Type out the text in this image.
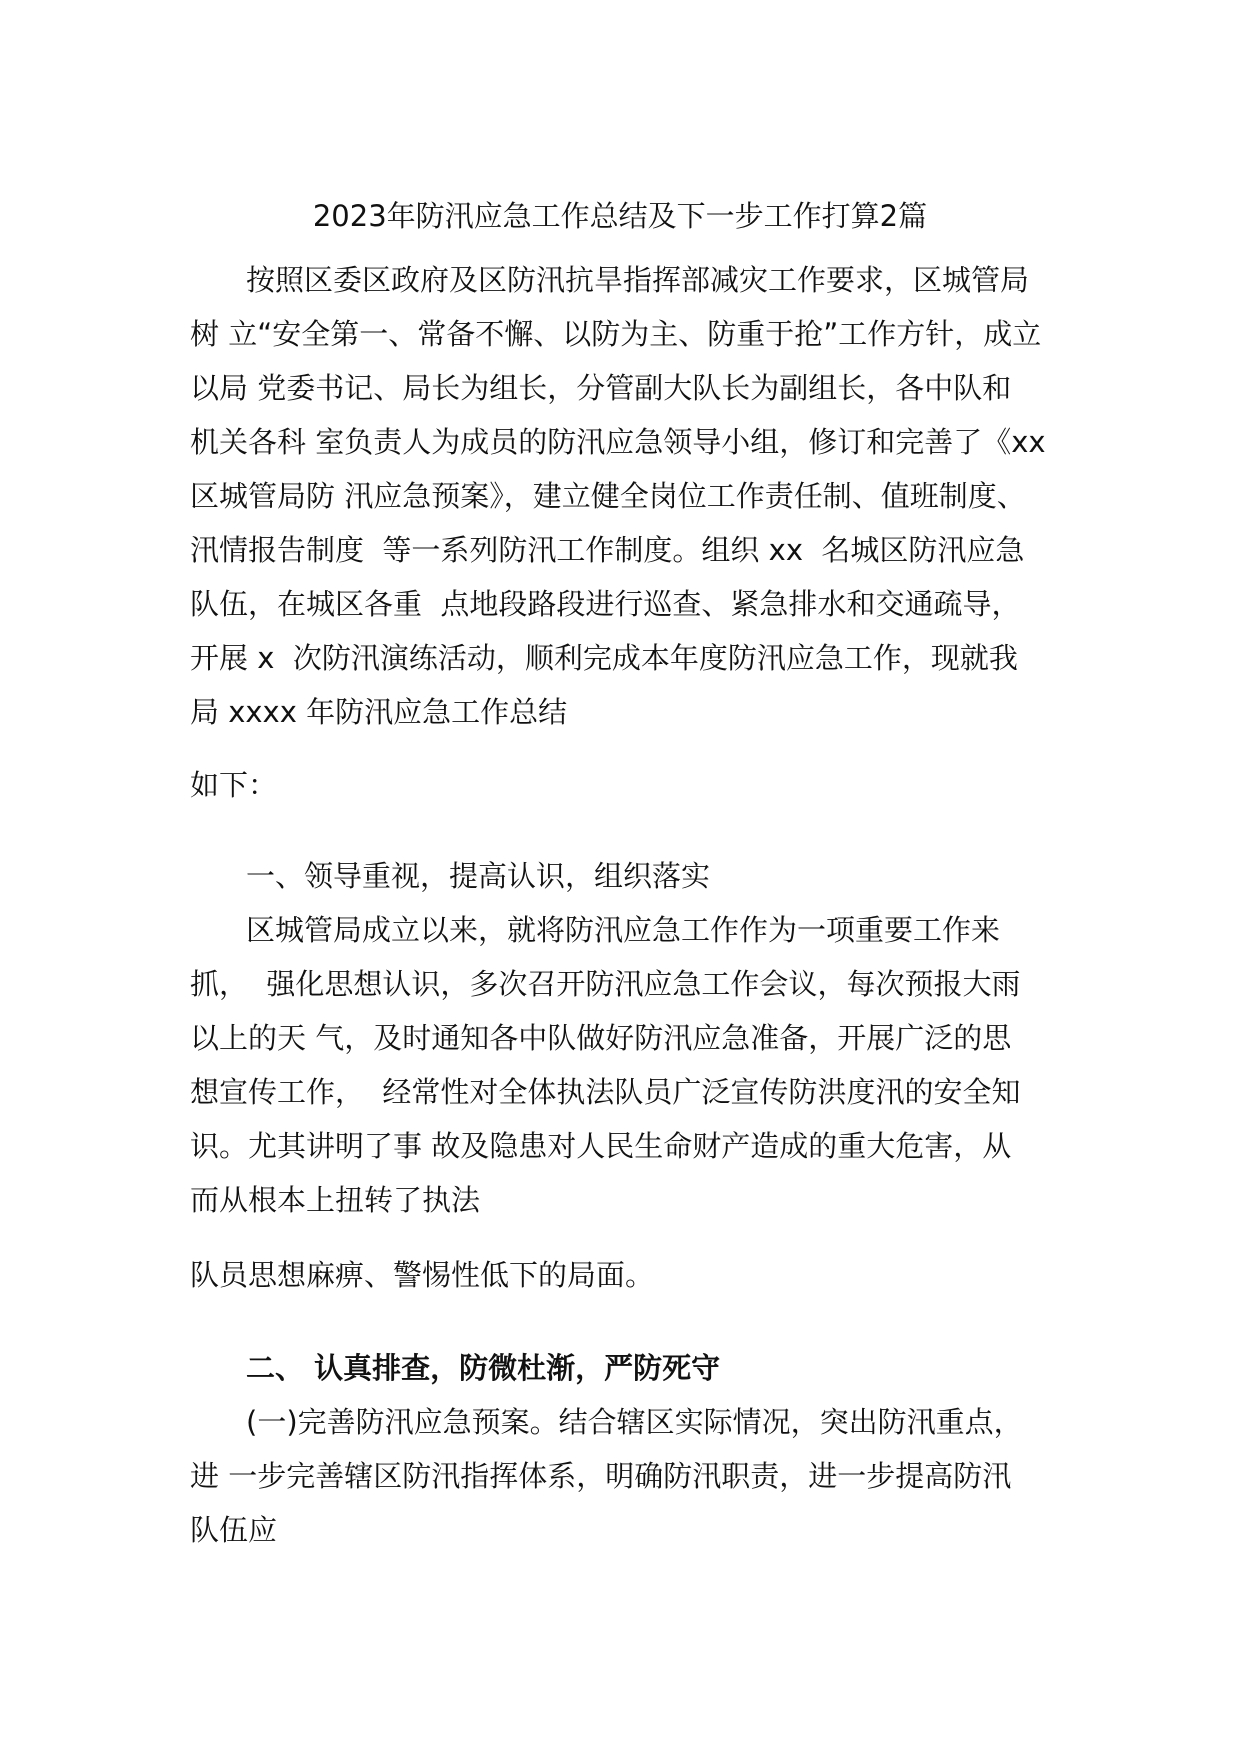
2023年防汛应急工作总结及下一步工作打算2篇
按照区委区政府及区防汛抗旱指挥部减灾工作要求，区城管局
树 立“安全第一、常备不懈、以防为主、防重于抢”工作方针，成立
以局 党委书记、局长为组长，分管副大队长为副组长，各中队和
机关各科 室负责人为成员的防汛应急领导小组，修订和完善了《xx
区城管局防 汛应急预案》，建立健全岗位工作责任制、值班制度、
汛情报告制度  等一系列防汛工作制度。组织 xx  名城区防汛应急
队伍，在城区各重  点地段路段进行巡查、紧急排水和交通疏导，
开展 x  次防汛演练活动，顺利完成本年度防汛应急工作，现就我
局 xxxx 年防汛应急工作总结
如下：
一、领导重视，提高认识，组织落实
区城管局成立以来，就将防汛应急工作作为一项重要工作来
抓，  强化思想认识，多次召开防汛应急工作会议，每次预报大雨
以上的天 气，及时通知各中队做好防汛应急准备，开展广泛的思
想宣传工作，  经常性对全体执法队员广泛宣传防洪度汛的安全知
识。尤其讲明了事 故及隐患对人民生命财产造成的重大危害，从
而从根本上扭转了执法
队员思想麻痹、警惕性低下的局面。
二、 认真排查，防微杜渐，严防死守
(一)完善防汛应急预案。结合辖区实际情况，突出防汛重点，
进 一步完善辖区防汛指挥体系，明确防汛职责，进一步提高防汛
队伍应
